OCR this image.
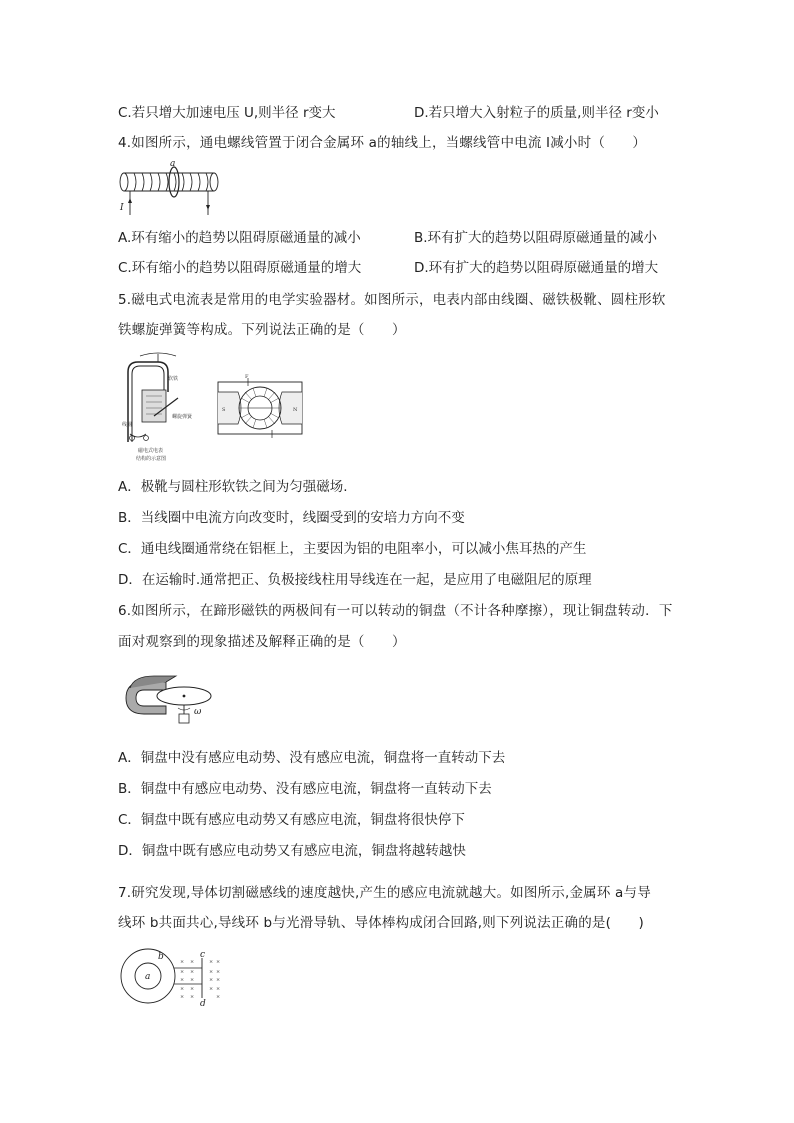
C.若只增大加速电压 U,则半径 r变大	D.若只增大入射粒子的质量,则半径 r变小
4.如图所示，通电螺线管置于闭合金属环 a的轴线上，当螺线管中电流 I减小时（　　）
a
I
A.环有缩小的趋势以阻碍原磁通量的减小	B.环有扩大的趋势以阻碍原磁通量的减小
C.环有缩小的趋势以阻碍原磁通量的增大	D.环有扩大的趋势以阻碍原磁通量的增大
5.磁电式电流表是常用的电学实验器材。如图所示，电表内部由线圈、磁铁极靴、圆柱形软
铁螺旋弹簧等构成。下列说法正确的是（　　）
软铁
螺旋弹簧
线圈
磁电式电表
结构的示意图
F
S	N
A．极靴与圆柱形软铁之间为匀强磁场.
B．当线圈中电流方向改变时，线圈受到的安培力方向不变
C．通电线圈通常绕在铝框上，主要因为铝的电阻率小，可以减小焦耳热的产生
D．在运输时.通常把正、负极接线柱用导线连在一起，是应用了电磁阻尼的原理
6.如图所示，在蹄形磁铁的两极间有一可以转动的铜盘（不计各种摩擦），现让铜盘转动．下
面对观察到的现象描述及解释正确的是（　　）
ω
A．铜盘中没有感应电动势、没有感应电流，铜盘将一直转动下去
B．铜盘中有感应电动势、没有感应电流，铜盘将一直转动下去
C．铜盘中既有感应电动势又有感应电流，铜盘将很快停下
D．铜盘中既有感应电动势又有感应电流，铜盘将越转越快
7.研究发现,导体切割磁感线的速度越快,产生的感应电流就越大。如图所示,金属环 a与导
线环 b共面共心,导线环 b与光滑导轨、导体棒构成闭合回路,则下列说法正确的是(　　)
a
b	× ×	× ×
× ×	× ×
× ×	× ×
× ×	× ×
× ×	×
c
d
